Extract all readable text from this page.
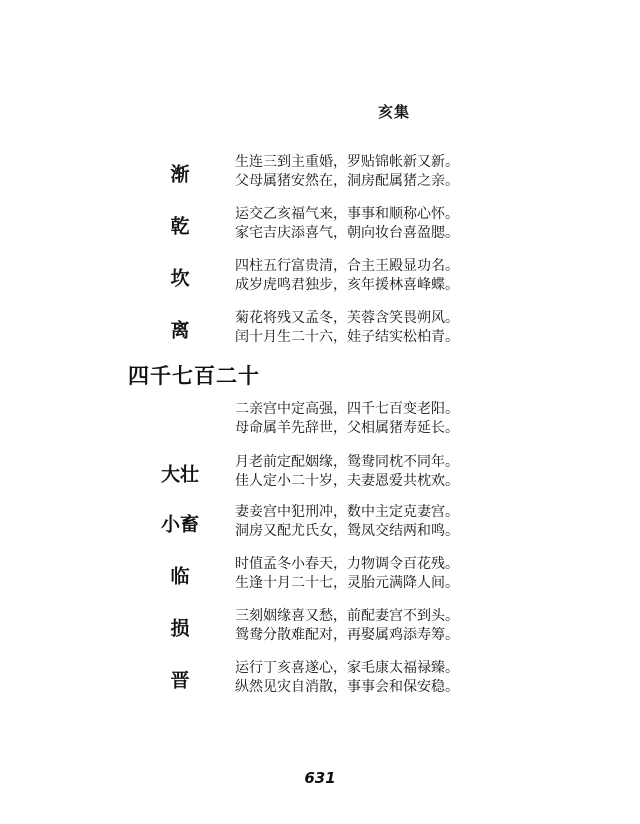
亥集
渐
生连三到主重婚，罗贴锦帐新又新。
父母属猪安然在，洞房配属猪之亲。
乾
运交乙亥福气来，事事和顺称心怀。
家宅吉庆添喜气，朝向妆台喜盈腮。
坎
四柱五行富贵清，合主王殿显功名。
成岁虎鸣君独步，亥年援林喜峰蝶。
离
菊花将残又孟冬，芙蓉含笑畏朔风。
闰十月生二十六，娃子结实松柏青。
四千七百二十
二亲宫中定高强，四千七百变老阳。
母命属羊先辞世，父相属猪寿延长。
大壮
月老前定配姻缘，鸳鸯同枕不同年。
佳人定小二十岁，夫妻恩爱共枕欢。
小畜
妻妾宫中犯刑冲，数中主定克妻宫。
洞房又配尤氏女，鸳凤交结两和鸣。
临
时值孟冬小春天，力物调令百花残。
生逢十月二十七，灵胎元满降人间。
损
三刻姻缘喜又愁，前配妻宫不到头。
鸳鸯分散难配对，再娶属鸡添寿筹。
晋
运行丁亥喜遂心，家毛康太福禄臻。
纵然见灾自消散，事事会和保安稳。
631
